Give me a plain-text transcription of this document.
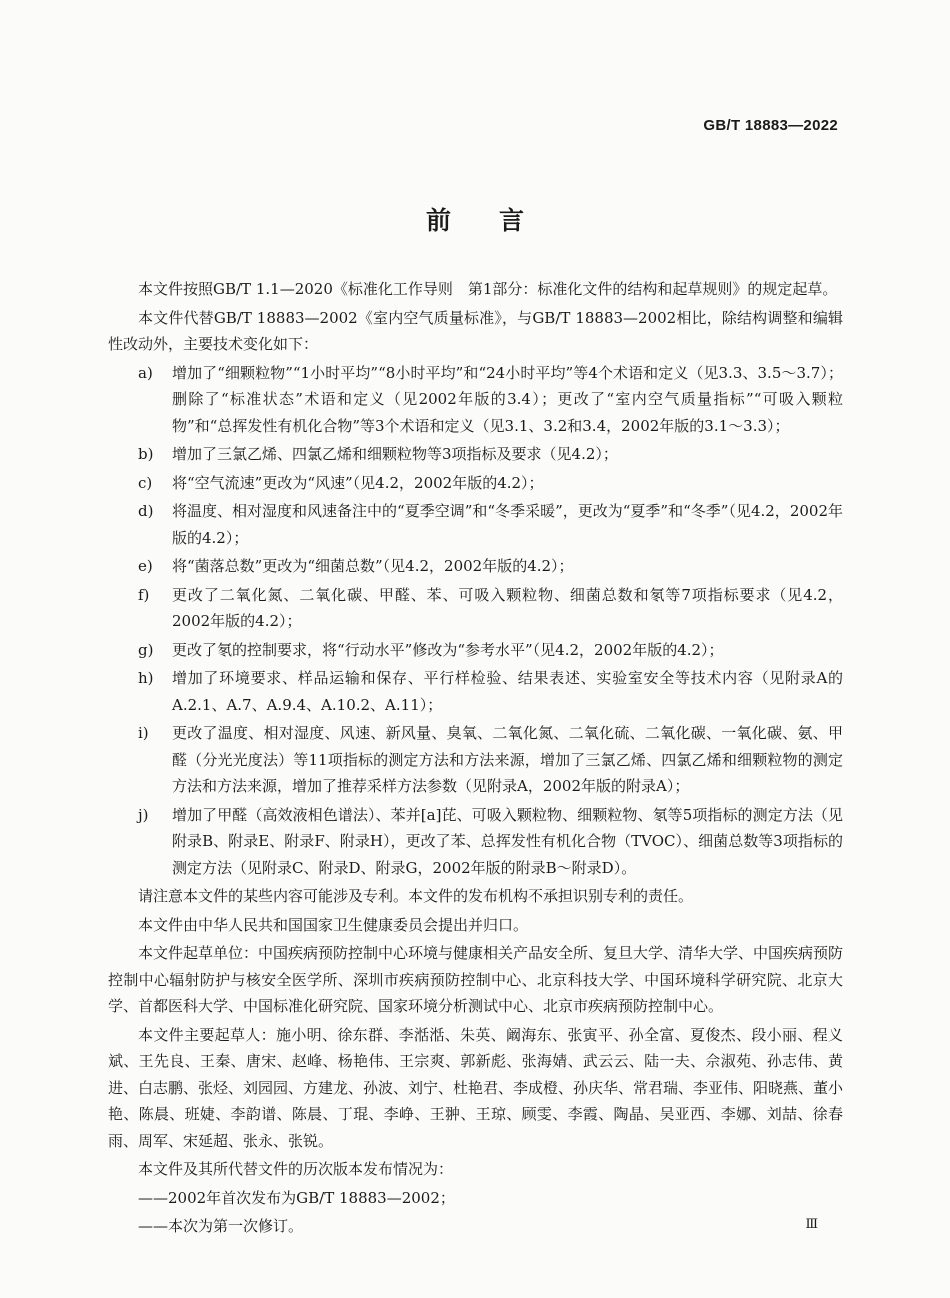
GB/T 18883—2022
前言

本文件按照GB/T 1.1—2020《标准化工作导则　第1部分：标准化文件的结构和起草规则》的规定起草。

本文件代替GB/T 18883—2002《室内空气质量标准》，与GB/T 18883—2002相比，除结构调整和编辑性改动外，主要技术变化如下：

a)	增加了“细颗粒物”“1小时平均”“8小时平均”和“24小时平均”等4个术语和定义（见3.3、3.5～3.7）；删除了“标准状态”术语和定义（见2002年版的3.4）；更改了“室内空气质量指标”“可吸入颗粒物”和“总挥发性有机化合物”等3个术语和定义（见3.1、3.2和3.4，2002年版的3.1～3.3）；
b)	增加了三氯乙烯、四氯乙烯和细颗粒物等3项指标及要求（见4.2）；
c)	将“空气流速”更改为“风速”（见4.2，2002年版的4.2）；
d)	将温度、相对湿度和风速备注中的“夏季空调”和“冬季采暖”，更改为“夏季”和“冬季”（见4.2，2002年版的4.2）；
e)	将“菌落总数”更改为“细菌总数”（见4.2，2002年版的4.2）；
f)	更改了二氧化氮、二氧化碳、甲醛、苯、可吸入颗粒物、细菌总数和氡等7项指标要求（见4.2，2002年版的4.2）；
g)	更改了氡的控制要求，将“行动水平”修改为“参考水平”（见4.2，2002年版的4.2）；
h)	增加了环境要求、样品运输和保存、平行样检验、结果表述、实验室安全等技术内容（见附录A的A.2.1、A.7、A.9.4、A.10.2、A.11）；
i)	更改了温度、相对湿度、风速、新风量、臭氧、二氧化氮、二氧化硫、二氧化碳、一氧化碳、氨、甲醛（分光光度法）等11项指标的测定方法和方法来源，增加了三氯乙烯、四氯乙烯和细颗粒物的测定方法和方法来源，增加了推荐采样方法参数（见附录A，2002年版的附录A）；
j)	增加了甲醛（高效液相色谱法）、苯并[a]芘、可吸入颗粒物、细颗粒物、氡等5项指标的测定方法（见附录B、附录E、附录F、附录H），更改了苯、总挥发性有机化合物（TVOC）、细菌总数等3项指标的测定方法（见附录C、附录D、附录G，2002年版的附录B～附录D）。

请注意本文件的某些内容可能涉及专利。本文件的发布机构不承担识别专利的责任。

本文件由中华人民共和国国家卫生健康委员会提出并归口。

本文件起草单位：中国疾病预防控制中心环境与健康相关产品安全所、复旦大学、清华大学、中国疾病预防控制中心辐射防护与核安全医学所、深圳市疾病预防控制中心、北京科技大学、中国环境科学研究院、北京大学、首都医科大学、中国标准化研究院、国家环境分析测试中心、北京市疾病预防控制中心。

本文件主要起草人：施小明、徐东群、李湉湉、朱英、阚海东、张寅平、孙全富、夏俊杰、段小丽、程义斌、王先良、王秦、唐宋、赵峰、杨艳伟、王宗爽、郭新彪、张海婧、武云云、陆一夫、佘淑苑、孙志伟、黄进、白志鹏、张烃、刘园园、方建龙、孙波、刘宁、杜艳君、李成橙、孙庆华、常君瑞、李亚伟、阳晓燕、董小艳、陈晨、班婕、李韵谱、陈晨、丁琨、李峥、王翀、王琼、顾雯、李霞、陶晶、吴亚西、李娜、刘喆、徐春雨、周军、宋延超、张永、张锐。

本文件及其所代替文件的历次版本发布情况为：

——2002年首次发布为GB/T 18883—2002；
——本次为第一次修订。	Ⅲ
